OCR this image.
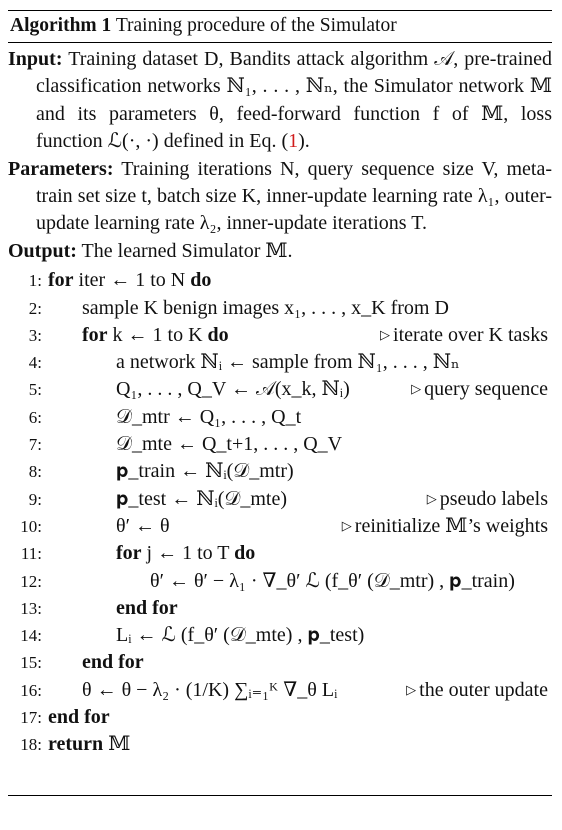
Algorithm 1 Training procedure of the Simulator
Input: Training dataset D, Bandits attack algorithm 𝒜, pre-trained classification networks ℕ₁, . . . , ℕₙ, the Simulator network 𝕄 and its parameters θ, feed-forward function f of 𝕄, loss function ℒ(·, ·) defined in Eq. (1).
Parameters: Training iterations N, query sequence size V, meta-train set size t, batch size K, inner-update learning rate λ₁, outer-update learning rate λ₂, inner-update iterations T.
Output: The learned Simulator 𝕄.
1: for iter ← 1 to N do
2: sample K benign images x₁, . . . , x_K from D
3: for k ← 1 to K do	▷ iterate over K tasks
4:	a network ℕᵢ ← sample from ℕ₁, . . . , ℕₙ
5:	Q₁, . . . , Q_V ← 𝒜(x_k, ℕᵢ)	▷ query sequence
6:	𝒟_mtr ← Q₁, . . . , Q_t
7:	𝒟_mte ← Q_t+1, . . . , Q_V
8:	𝐩_train ← ℕᵢ(𝒟_mtr)
9:	𝐩_test ← ℕᵢ(𝒟_mte)	▷ pseudo labels
10:	θ′ ← θ	▷ reinitialize 𝕄’s weights
11:	for j ← 1 to T do
12:	θ′ ← θ′ − λ₁ · ∇_θ′ ℒ (f_θ′ (𝒟_mtr) , 𝐩_train)
13:	end for
14:	Lᵢ ← ℒ (f_θ′ (𝒟_mte) , 𝐩_test)
15: end for
16: θ ← θ − λ₂ · (1/K) ∑ᵢ₌₁ᴷ ∇_θ Lᵢ	▷ the outer update
17: end for
18: return 𝕄
